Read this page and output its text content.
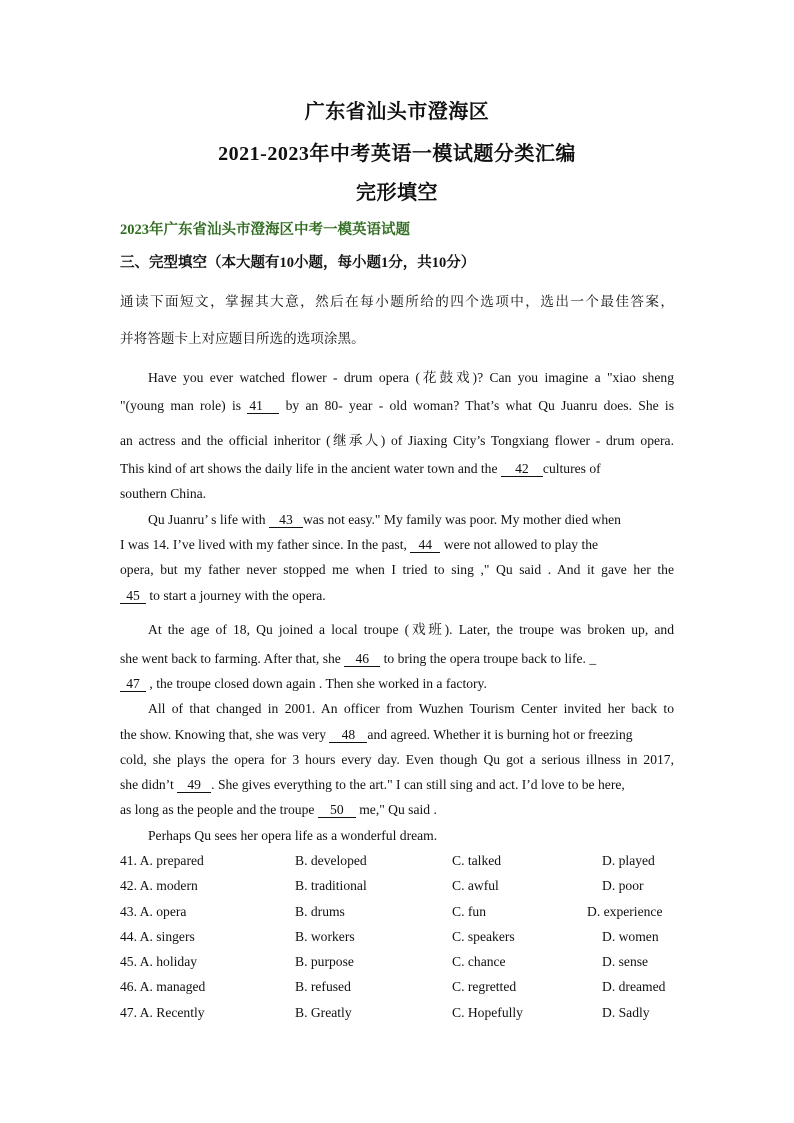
广东省汕头市澄海区
2021-2023年中考英语一模试题分类汇编
完形填空
2023年广东省汕头市澄海区中考一模英语试题
三、完型填空（本大题有10小题，每小题1分，共10分）
通读下面短文，掌握其大意，然后在每小题所给的四个选项中，选出一个最佳答案，
并将答题卡上对应题目所选的选项涂黑。
Have you ever watched flower - drum opera (花鼓戏)? Can you imagine a "xiao sheng
"(young man role) is 41 by an 80- year - old woman? That’s what Qu Juanru does. She is
an actress and the official inheritor (继承人) of Jiaxing City’s Tongxiang flower - drum opera.
This kind of art shows the daily life in the ancient water town and the 42 cultures of
southern China.
Qu Juanru’ s life with 43 was not easy." My family was poor. My mother died when
I was 14. I’ve lived with my father since. In the past, 44 were not allowed to play the
opera, but my father never stopped me when I tried to sing ," Qu said . And it gave her the
45 to start a journey with the opera.
At the age of 18, Qu joined a local troupe (戏班). Later, the troupe was broken up, and
she went back to farming. After that, she 46 to bring the opera troupe back to life. _
47 , the troupe closed down again . Then she worked in a factory.
All of that changed in 2001. An officer from Wuzhen Tourism Center invited her back to
the show. Knowing that, she was very 48 and agreed. Whether it is burning hot or freezing
cold, she plays the opera for 3 hours every day. Even though Qu got a serious illness in 2017,
she didn’t 49 . She gives everything to the art." I can still sing and act. I’d love to be here,
as long as the people and the troupe 50 me," Qu said .
Perhaps Qu sees her opera life as a wonderful dream.
41. A. prepared	B. developed	C. talked	D. played
42. A. modern	B. traditional	C. awful	D. poor
43. A. opera	B. drums	C. fun	D. experience
44. A. singers	B. workers	C. speakers	D. women
45. A. holiday	B. purpose	C. chance	D. sense
46. A. managed	B. refused	C. regretted	D. dreamed
47. A. Recently	B. Greatly	C. Hopefully	D. Sadly
